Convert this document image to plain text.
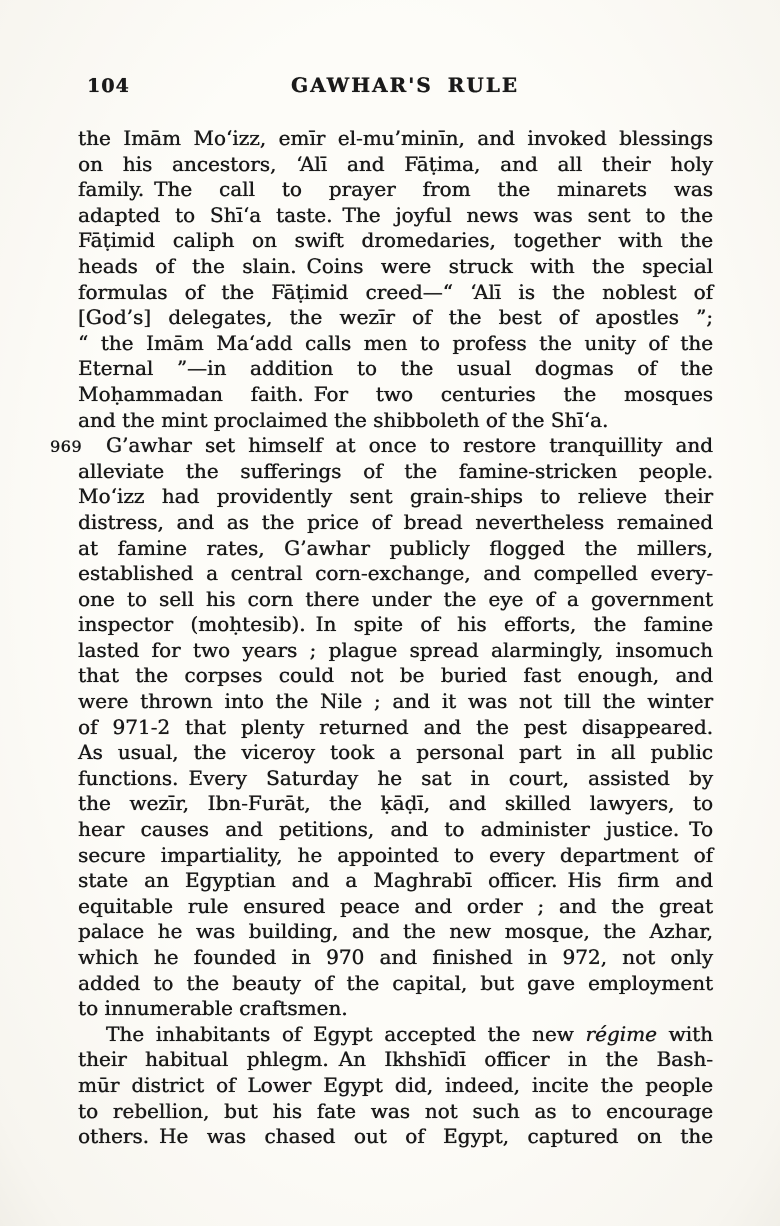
104	GAWHAR'S RULE
969
the Imām Mo‘izz, emīr el-mu’minīn, and invoked blessings
on his ancestors, ‘Alī and Fāṭima, and all their holy
family. The call to prayer from the minarets was
adapted to Shī‘a taste. The joyful news was sent to the
Fāṭimid caliph on swift dromedaries, together with the
heads of the slain. Coins were struck with the special
formulas of the Fāṭimid creed—“ ‘Alī is the noblest of
[God’s] delegates, the wezīr of the best of apostles ”;
“ the Imām Ma‘add calls men to profess the unity of the
Eternal ”—in addition to the usual dogmas of the
Moḥammadan faith. For two centuries the mosques
and the mint proclaimed the shibboleth of the Shī‘a.
G’awhar set himself at once to restore tranquillity and
alleviate the sufferings of the famine-stricken people.
Mo‘izz had providently sent grain-ships to relieve their
distress, and as the price of bread nevertheless remained
at famine rates, G’awhar publicly flogged the millers,
established a central corn-exchange, and compelled every-
one to sell his corn there under the eye of a government
inspector (moḥtesib). In spite of his efforts, the famine
lasted for two years ; plague spread alarmingly, insomuch
that the corpses could not be buried fast enough, and
were thrown into the Nile ; and it was not till the winter
of 971-2 that plenty returned and the pest disappeared.
As usual, the viceroy took a personal part in all public
functions. Every Saturday he sat in court, assisted by
the wezīr, Ibn-Furāt, the ḳāḍī, and skilled lawyers, to
hear causes and petitions, and to administer justice. To
secure impartiality, he appointed to every department of
state an Egyptian and a Maghrabī officer. His firm and
equitable rule ensured peace and order ; and the great
palace he was building, and the new mosque, the Azhar,
which he founded in 970 and finished in 972, not only
added to the beauty of the capital, but gave employment
to innumerable craftsmen.
The inhabitants of Egypt accepted the new régime with
their habitual phlegm. An Ikhshīdī officer in the Bash-
mūr district of Lower Egypt did, indeed, incite the people
to rebellion, but his fate was not such as to encourage
others. He was chased out of Egypt, captured on the
